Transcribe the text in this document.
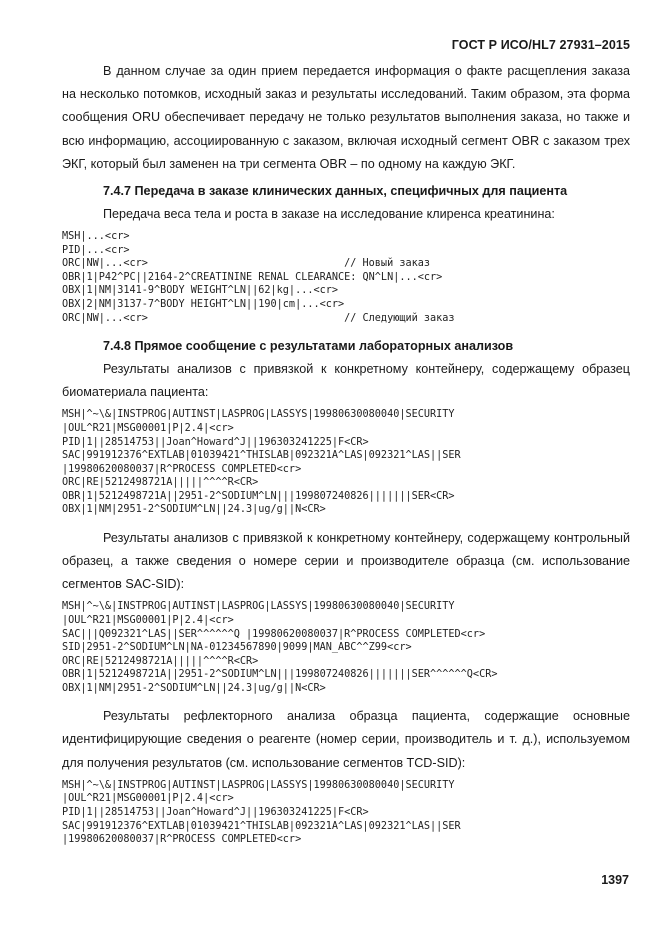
ГОСТ Р ИСО/HL7 27931–2015

В данном случае за один прием передается информация о факте расщепления заказа на несколько потомков, исходный заказ и результаты исследований. Таким образом, эта форма сообщения ORU обеспечивает передачу не только результатов выполнения заказа, но также и всю информацию, ассоциированную с заказом, включая исходный сегмент OBR с заказом трех ЭКГ, который был заменен на три сегмента OBR – по одному на каждую ЭКГ.

7.4.7 Передача в заказе клинических данных, специфичных для пациента

Передача веса тела и роста в заказе на исследование клиренса креатинина:

MSH|...<cr>
PID|...<cr>
ORC|NW|...<cr>                                // Новый заказ
OBR|1|P42^PC||2164-2^CREATININE RENAL CLEARANCE: QN^LN|...<cr>
OBX|1|NM|3141-9^BODY WEIGHT^LN||62|kg|...<cr>
OBX|2|NM|3137-7^BODY HEIGHT^LN||190|cm|...<cr>
ORC|NW|...<cr>                                // Следующий заказ
7.4.8 Прямое сообщение с результатами лабораторных анализов

Результаты анализов с привязкой к конкретному контейнеру, содержащему образец биоматериала пациента:

MSH|^~\&|INSTPROG|AUTINST|LASPROG|LASSYS|19980630080040|SECURITY
|OUL^R21|MSG00001|P|2.4|<cr>
PID|1||28514753||Joan^Howard^J||196303241225|F<CR>
SAC|991912376^EXTLAB|01039421^THISLAB|092321A^LAS|092321^LAS||SER
|19980620080037|R^PROCESS COMPLETED<cr>
ORC|RE|5212498721A|||||^^^^R<CR>
OBR|1|5212498721A||2951-2^SODIUM^LN|||199807240826|||||||SER<CR>
OBX|1|NM|2951-2^SODIUM^LN||24.3|ug/g||N<CR>

Результаты анализов с привязкой к конкретному контейнеру, содержащему контрольный образец, а также сведения о номере серии и производителе образца (см. использование сегментов SAC-SID):

MSH|^~\&|INSTPROG|AUTINST|LASPROG|LASSYS|19980630080040|SECURITY
|OUL^R21|MSG00001|P|2.4|<cr>
SAC|||Q092321^LAS||SER^^^^^^Q |19980620080037|R^PROCESS COMPLETED<cr>
SID|2951-2^SODIUM^LN|NA-01234567890|9099|MAN_ABC^^Z99<cr>
ORC|RE|5212498721A|||||^^^^R<CR>
OBR|1|5212498721A||2951-2^SODIUM^LN|||199807240826|||||||SER^^^^^^Q<CR>
OBX|1|NM|2951-2^SODIUM^LN||24.3|ug/g||N<CR>

Результаты рефлекторного анализа образца пациента, содержащие основные идентифицирующие сведения о реагенте (номер серии, производитель и т. д.), используемом для получения результатов (см. использование сегментов TCD-SID):

MSH|^~\&|INSTPROG|AUTINST|LASPROG|LASSYS|19980630080040|SECURITY
|OUL^R21|MSG00001|P|2.4|<cr>
PID|1||28514753||Joan^Howard^J||196303241225|F<CR>
SAC|991912376^EXTLAB|01039421^THISLAB|092321A^LAS|092321^LAS||SER
|19980620080037|R^PROCESS COMPLETED<cr>
1397
